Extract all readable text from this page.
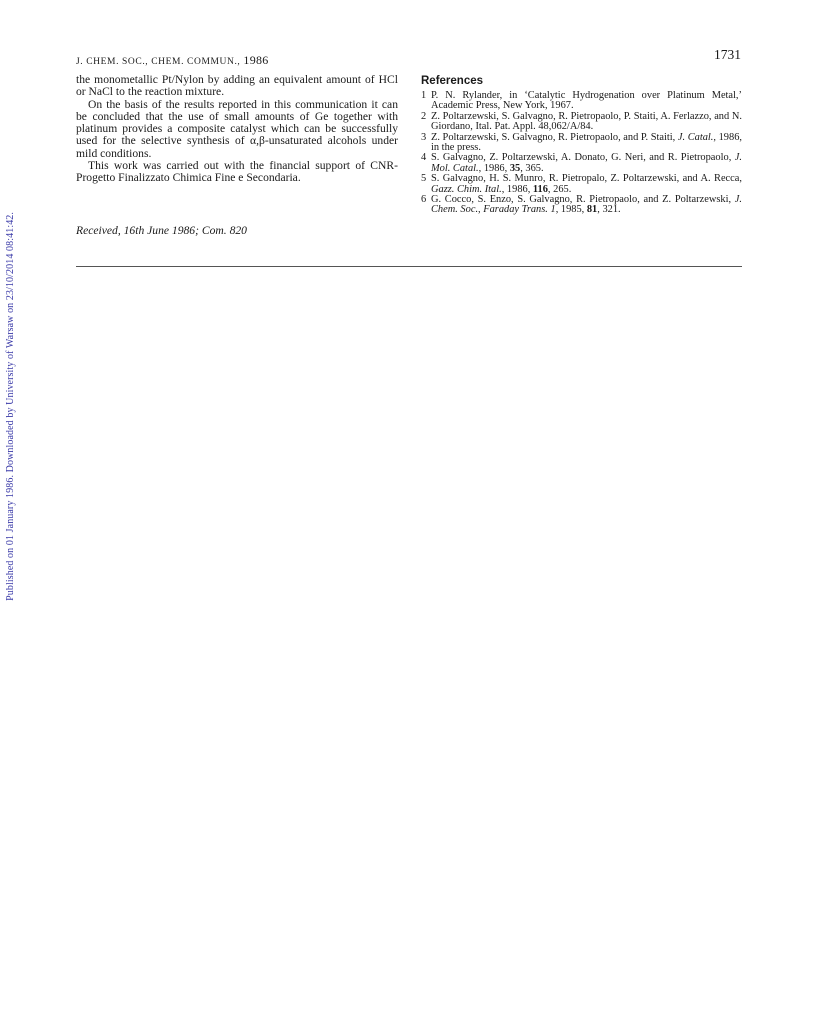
Published on 01 January 1986. Downloaded by University of Warsaw on 23/10/2014 08:41:42.
J. CHEM. SOC., CHEM. COMMUN., 1986	1731

the monometallic Pt/Nylon by adding an equivalent amount of HCl or NaCl to the reaction mixture.

On the basis of the results reported in this communication it can be concluded that the use of small amounts of Ge together with platinum provides a composite catalyst which can be successfully used for the selective synthesis of α,β-unsaturated alcohols under mild conditions.

This work was carried out with the financial support of CNR-Progetto Finalizzato Chimica Fine e Secondaria.

Received, 16th June 1986; Com. 820
References
1 P. N. Rylander, in ‘Catalytic Hydrogenation over Platinum Metal,’ Academic Press, New York, 1967.
2 Z. Poltarzewski, S. Galvagno, R. Pietropaolo, P. Staiti, A. Ferlazzo, and N. Giordano, Ital. Pat. Appl. 48,062/A/84.
3 Z. Poltarzewski, S. Galvagno, R. Pietropaolo, and P. Staiti, J. Catal., 1986, in the press.
4 S. Galvagno, Z. Poltarzewski, A. Donato, G. Neri, and R. Pietropaolo, J. Mol. Catal., 1986, 35, 365.
5 S. Galvagno, H. S. Munro, R. Pietropalo, Z. Poltarzewski, and A. Recca, Gazz. Chim. Ital., 1986, 116, 265.
6 G. Cocco, S. Enzo, S. Galvagno, R. Pietropaolo, and Z. Poltarzewski, J. Chem. Soc., Faraday Trans. 1, 1985, 81, 321.
